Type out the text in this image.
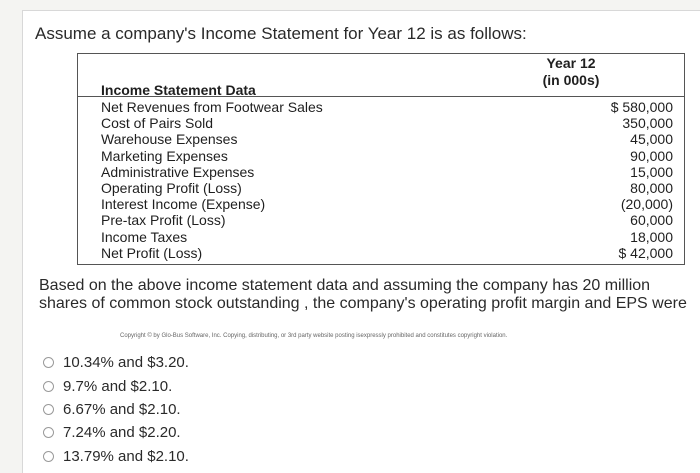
Assume a company's Income Statement for Year 12 is as follows:
Income Statement Data
Year 12
(in 000s)
Net Revenues from Footwear Sales	$ 580,000
Cost of Pairs Sold	350,000
Warehouse Expenses	45,000
Marketing Expenses	90,000
Administrative Expenses	15,000
Operating Profit (Loss)	80,000
Interest Income (Expense)	(20,000)
Pre-tax Profit (Loss)	60,000
Income Taxes	18,000
Net Profit (Loss)	$ 42,000
Based on the above income statement data and assuming the company has 20 million shares of common stock outstanding , the company's operating profit margin and EPS were
Copyright © by Glo-Bus Software, Inc. Copying, distributing, or 3rd party website posting isexpressly prohibited and constitutes copyright violation.
10.34% and $3.20.
9.7% and $2.10.
6.67% and $2.10.
7.24% and $2.20.
13.79% and $2.10.
